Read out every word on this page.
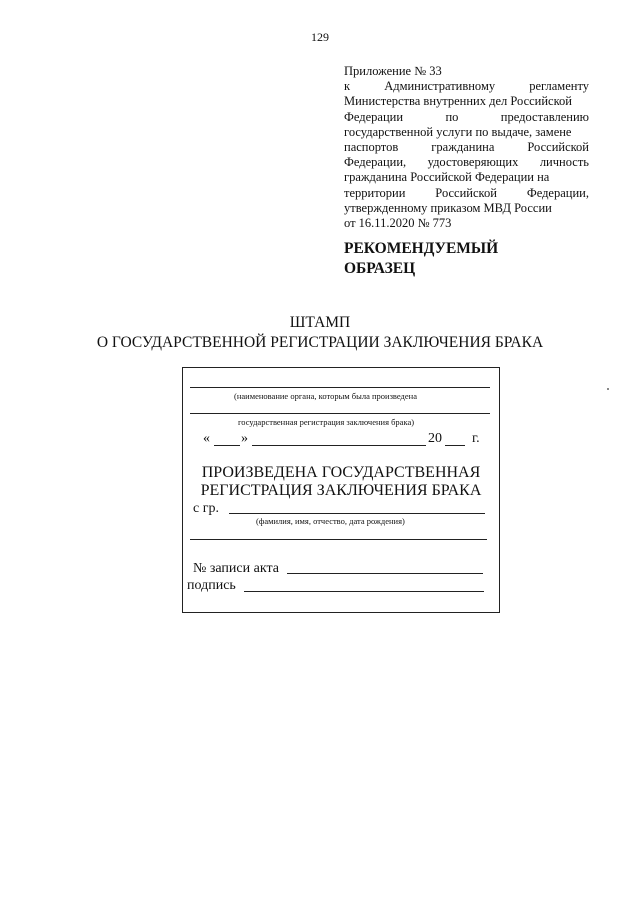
129
Приложение № 33
к	Административному	регламенту
Министерства внутренних дел Российской
Федерации	по	предоставлению
государственной услуги по выдаче, замене
паспортов	гражданина	Российской
Федерации, удостоверяющих личность
гражданина Российской Федерации на
территории Российской Федерации,
утвержденному приказом МВД России
от 16.11.2020 № 773
РЕКОМЕНДУЕМЫЙ
ОБРАЗЕЦ
ШТАМП
О ГОСУДАРСТВЕННОЙ РЕГИСТРАЦИИ ЗАКЛЮЧЕНИЯ БРАКА
(наименование органа, которым была произведена
государственная регистрация заключения брака)
« »	20 г.
ПРОИЗВЕДЕНА ГОСУДАРСТВЕННАЯ
РЕГИСТРАЦИЯ ЗАКЛЮЧЕНИЯ БРАКА
с гр.
(фамилия, имя, отчество, дата рождения)
№ записи акта
подпись
